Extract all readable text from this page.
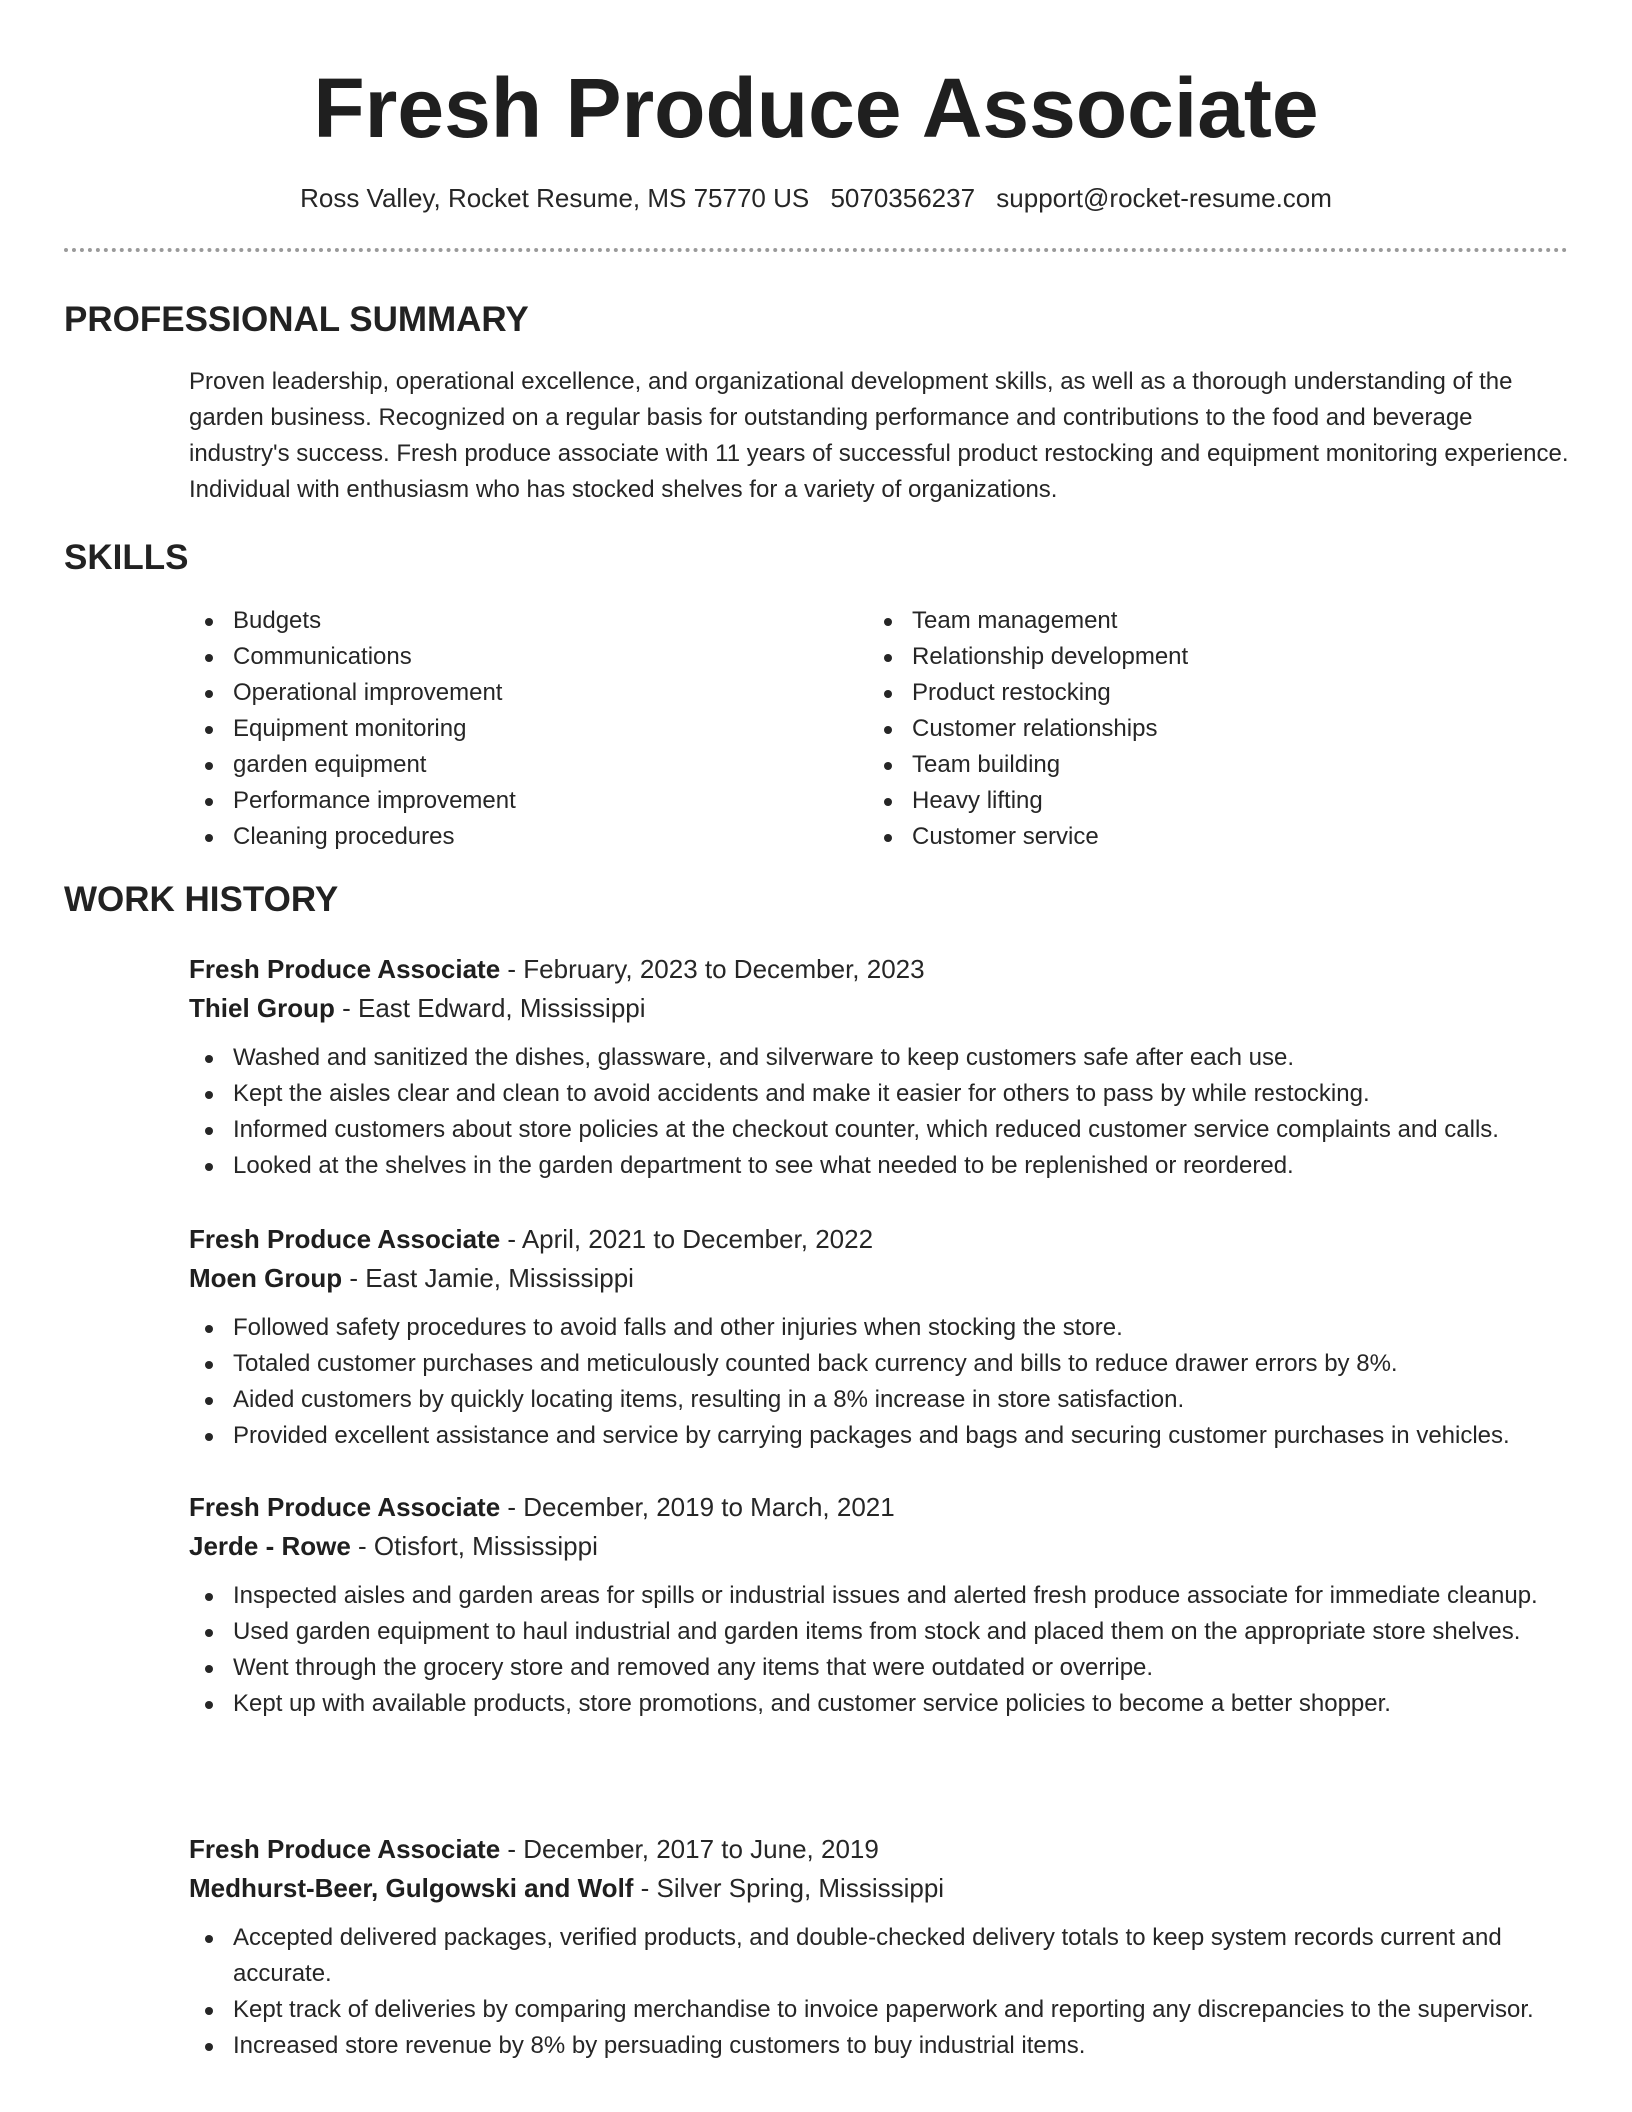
Fresh Produce Associate
Ross Valley, Rocket Resume, MS 75770 US 5070356237 support@rocket-resume.com
PROFESSIONAL SUMMARY

Proven leadership, operational excellence, and organizational development skills, as well as a thorough understanding of the garden business. Recognized on a regular basis for outstanding performance and contributions to the food and beverage industry's success. Fresh produce associate with 11 years of successful product restocking and equipment monitoring experience. Individual with enthusiasm who has stocked shelves for a variety of organizations.

SKILLS
Budgets
Communications
Operational improvement
Equipment monitoring
garden equipment
Performance improvement
Cleaning procedures
Team management
Relationship development
Product restocking
Customer relationships
Team building
Heavy lifting
Customer service
WORK HISTORY

Fresh Produce Associate - February, 2023 to December, 2023

Thiel Group - East Edward, Mississippi

Washed and sanitized the dishes, glassware, and silverware to keep customers safe after each use.
Kept the aisles clear and clean to avoid accidents and make it easier for others to pass by while restocking.
Informed customers about store policies at the checkout counter, which reduced customer service complaints and calls.
Looked at the shelves in the garden department to see what needed to be replenished or reordered.

Fresh Produce Associate - April, 2021 to December, 2022

Moen Group - East Jamie, Mississippi

Followed safety procedures to avoid falls and other injuries when stocking the store.
Totaled customer purchases and meticulously counted back currency and bills to reduce drawer errors by 8%.
Aided customers by quickly locating items, resulting in a 8% increase in store satisfaction.
Provided excellent assistance and service by carrying packages and bags and securing customer purchases in vehicles.

Fresh Produce Associate - December, 2019 to March, 2021

Jerde - Rowe - Otisfort, Mississippi

Inspected aisles and garden areas for spills or industrial issues and alerted fresh produce associate for immediate cleanup.
Used garden equipment to haul industrial and garden items from stock and placed them on the appropriate store shelves.
Went through the grocery store and removed any items that were outdated or overripe.
Kept up with available products, store promotions, and customer service policies to become a better shopper.

Fresh Produce Associate - December, 2017 to June, 2019

Medhurst-Beer, Gulgowski and Wolf - Silver Spring, Mississippi

Accepted delivered packages, verified products, and double-checked delivery totals to keep system records current and accurate.
Kept track of deliveries by comparing merchandise to invoice paperwork and reporting any discrepancies to the supervisor.
Increased store revenue by 8% by persuading customers to buy industrial items.
